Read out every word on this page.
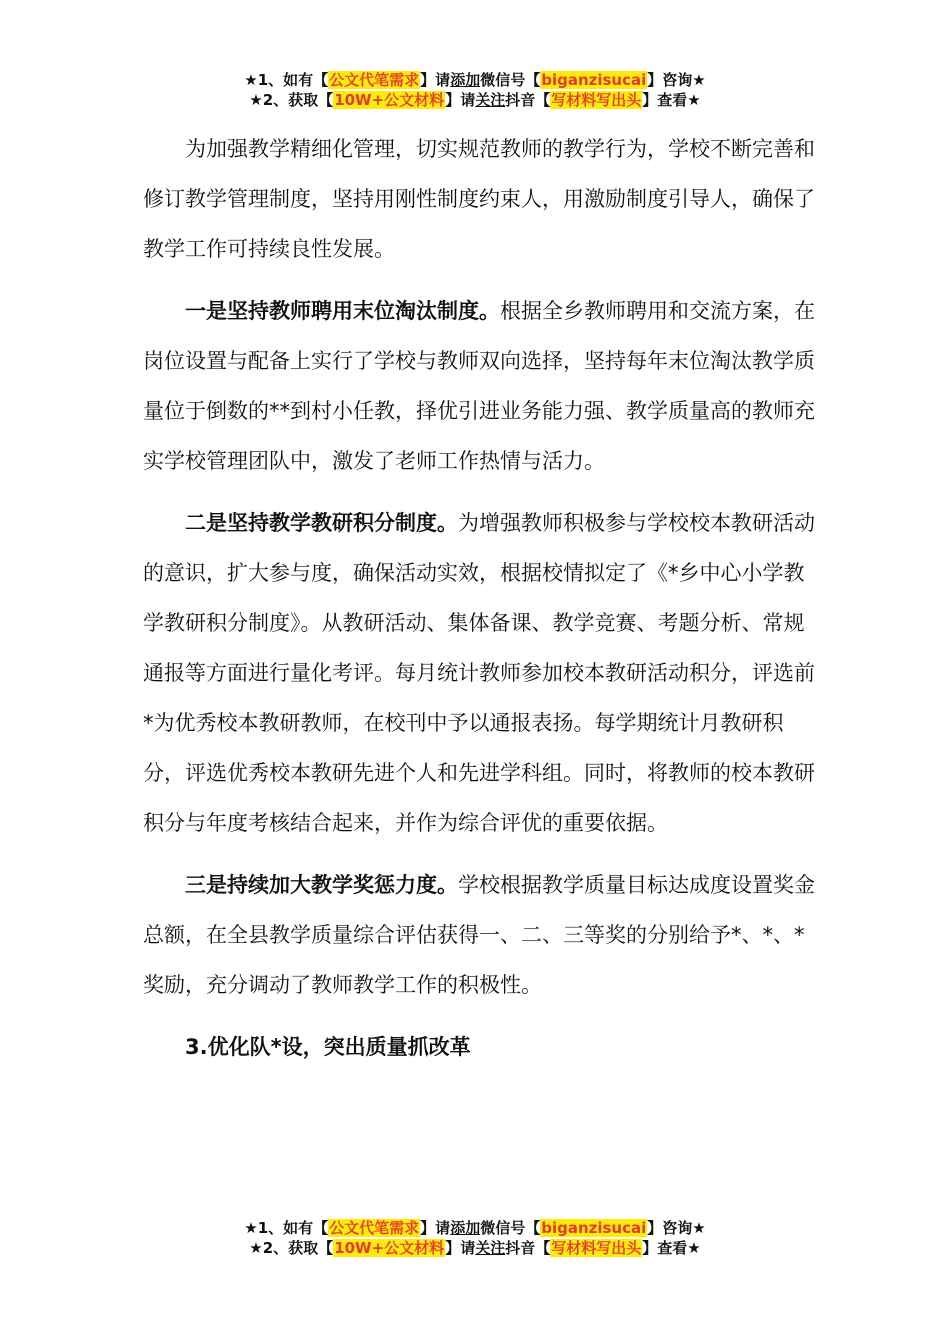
★1、如有【公文代笔需求】请添加微信号【biganzisucai】咨询★
★2、获取【10W+公文材料】请关注抖音【写材料写出头】查看★

为加强教学精细化管理，切实规范教师的教学行为，学校不断完善和修订教学管理制度，坚持用刚性制度约束人，用激励制度引导人，确保了教学工作可持续良性发展。

一是坚持教师聘用末位淘汰制度。根据全乡教师聘用和交流方案，在岗位设置与配备上实行了学校与教师双向选择，坚持每年末位淘汰教学质量位于倒数的**到村小任教，择优引进业务能力强、教学质量高的教师充实学校管理团队中，激发了老师工作热情与活力。

二是坚持教学教研积分制度。为增强教师积极参与学校校本教研活动的意识，扩大参与度，确保活动实效，根据校情拟定了《*乡中心小学教学教研积分制度》。从教研活动、集体备课、教学竞赛、考题分析、常规通报等方面进行量化考评。每月统计教师参加校本教研活动积分，评选前*为优秀校本教研教师，在校刊中予以通报表扬。每学期统计月教研积分，评选优秀校本教研先进个人和先进学科组。同时，将教师的校本教研积分与年度考核结合起来，并作为综合评优的重要依据。

三是持续加大教学奖惩力度。学校根据教学质量目标达成度设置奖金总额，在全县教学质量综合评估获得一、二、三等奖的分别给予*、*、*奖励，充分调动了教师教学工作的积极性。

3.优化队*设，突出质量抓改革

★1、如有【公文代笔需求】请添加微信号【biganzisucai】咨询★
★2、获取【10W+公文材料】请关注抖音【写材料写出头】查看★
